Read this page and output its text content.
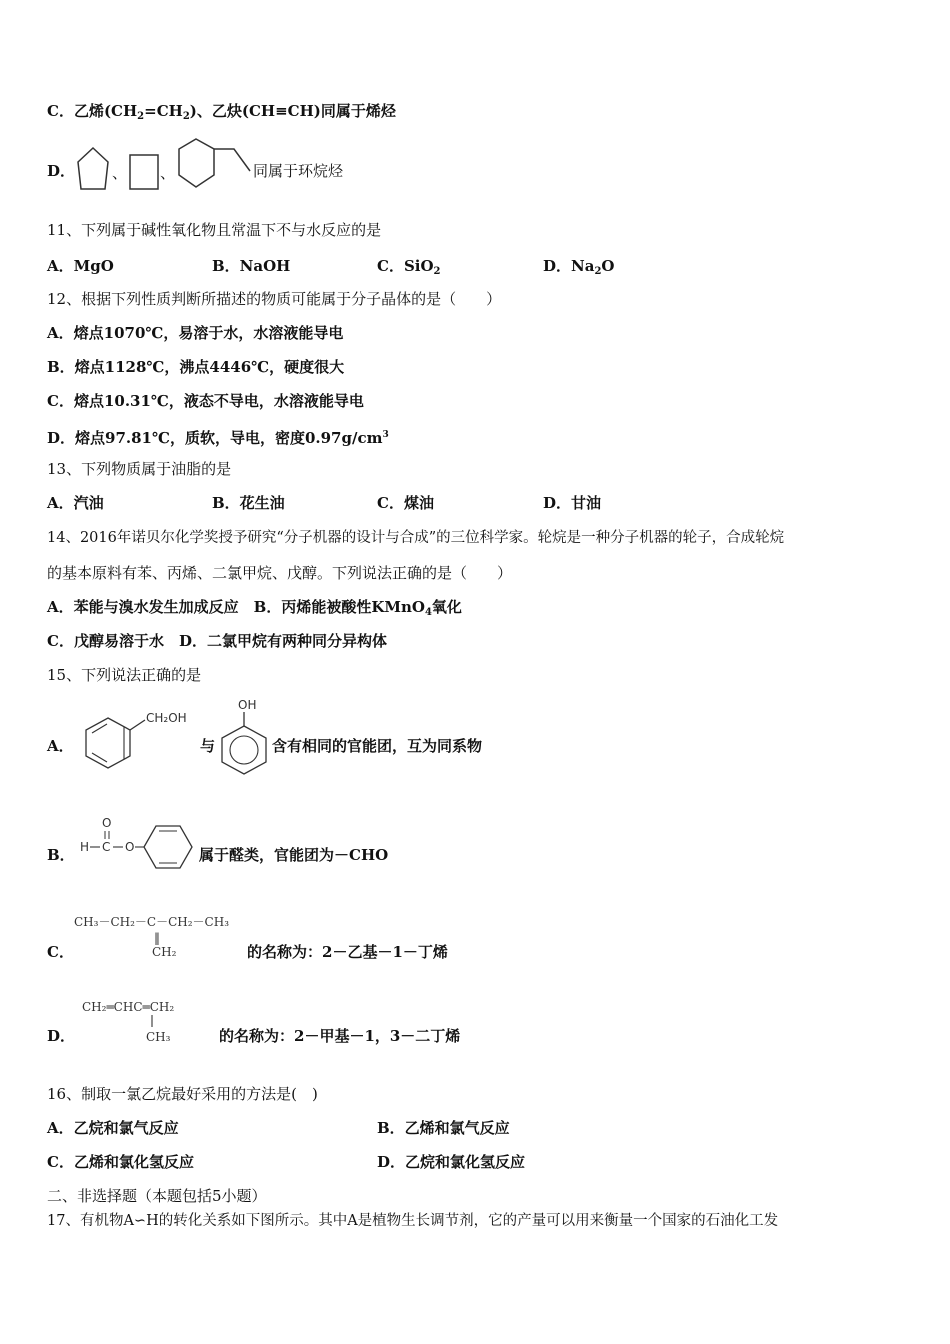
C．乙烯$(CH_2=CH_2)$、乙炔(CH≡CH)同属于烯烃
D． 、 、	同属于环烷烃
11、下列属于碱性氧化物且常温下不与水反应的是
A．MgO	B．NaOH	C．SiO$_2$	D．$Na_2O$
12、根据下列性质判断所描述的物质可能属于分子晶体的是（　　）
A．熔点1070℃，易溶于水，水溶液能导电
B．熔点1128℃，沸点4446℃，硬度很大
C．熔点10.31℃，液态不导电，水溶液能导电
D．熔点97.81℃，质软，导电，密度$0.97g/cm^3$
13、下列物质属于油脂的是
A．汽油	B．花生油	C．煤油	D．甘油
14、2016年诺贝尔化学奖授予研究“分子机器的设计与合成”的三位科学家。轮烷是一种分子机器的轮子，合成轮烷
的基本原料有苯、丙烯、二氯甲烷、戊醇。下列说法正确的是（　　）
A．苯能与溴水发生加成反应　B．丙烯能被酸性KMnO$_4$氧化
C．戊醇易溶于水　D．二氯甲烷有两种同分异构体
15、下列说法正确的是
A．
CH₂OH
与
OH
含有相同的官能团，互为同系物
B． H C
O
O	属于醛类，官能团为－CHO
CH₃－CH₂－C－CH₂－CH₃
‖
CH₂
C．	的名称为：2－乙基－1－丁烯
CH₂═CHC═CH₂
CH₃
D．	的名称为：2－甲基－1，3－二丁烯
16、制取一氯乙烷最好采用的方法是(　)
A．乙烷和氯气反应	B．乙烯和氯气反应
C．乙烯和氯化氢反应	D．乙烷和氯化氢反应
二、非选择题（本题包括5小题）
17、有机物A∽H的转化关系如下图所示。其中A是植物生长调节剂，它的产量可以用来衡量一个国家的石油化工发
